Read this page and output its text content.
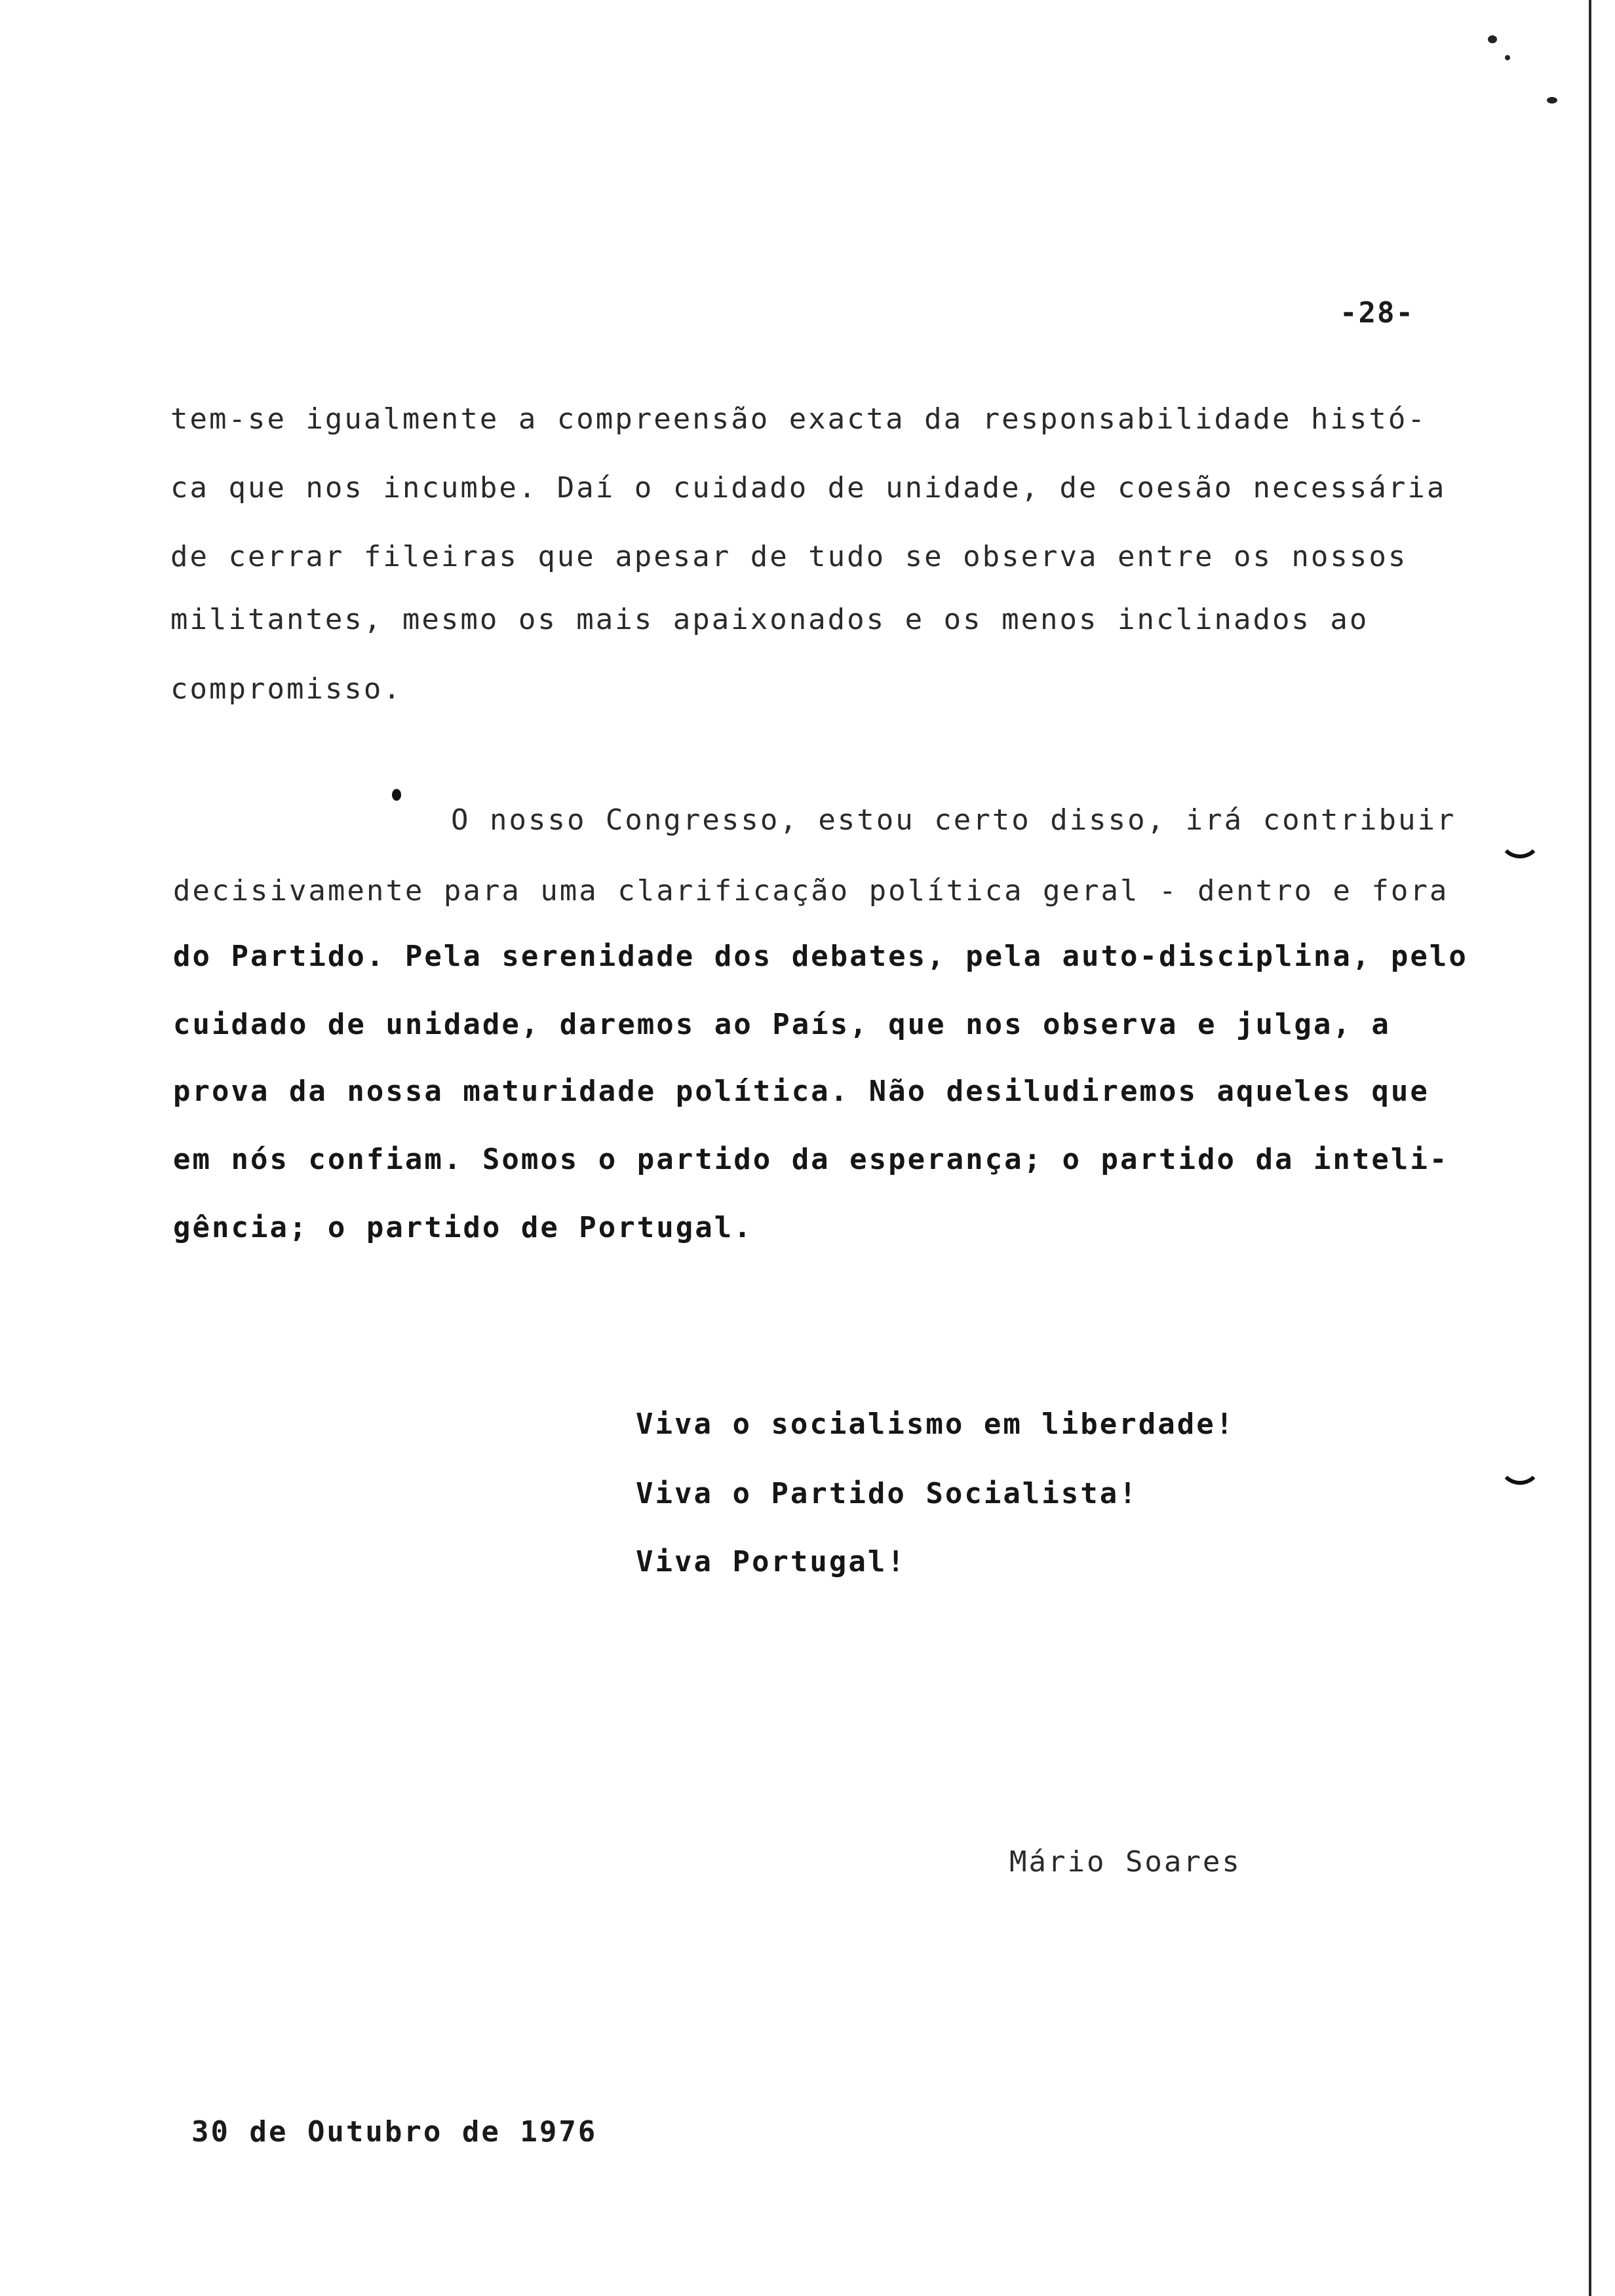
-28-
tem-se igualmente a compreensão exacta da responsabilidade histó-
ca que nos incumbe. Daí o cuidado de unidade, de coesão necessária
de cerrar fileiras que apesar de tudo se observa entre os nossos
militantes, mesmo os mais apaixonados e os menos inclinados ao
compromisso.
O nosso Congresso, estou certo disso, irá contribuir
decisivamente para uma clarificação política geral - dentro e fora
do Partido. Pela serenidade dos debates, pela auto-disciplina, pelo
cuidado de unidade, daremos ao País, que nos observa e julga, a
prova da nossa maturidade política. Não desiludiremos aqueles que
em nós confiam. Somos o partido da esperança; o partido da inteli-
gência; o partido de Portugal.
Viva o socialismo em liberdade!
Viva o Partido Socialista!
Viva Portugal!
Mário Soares
30 de Outubro de 1976
